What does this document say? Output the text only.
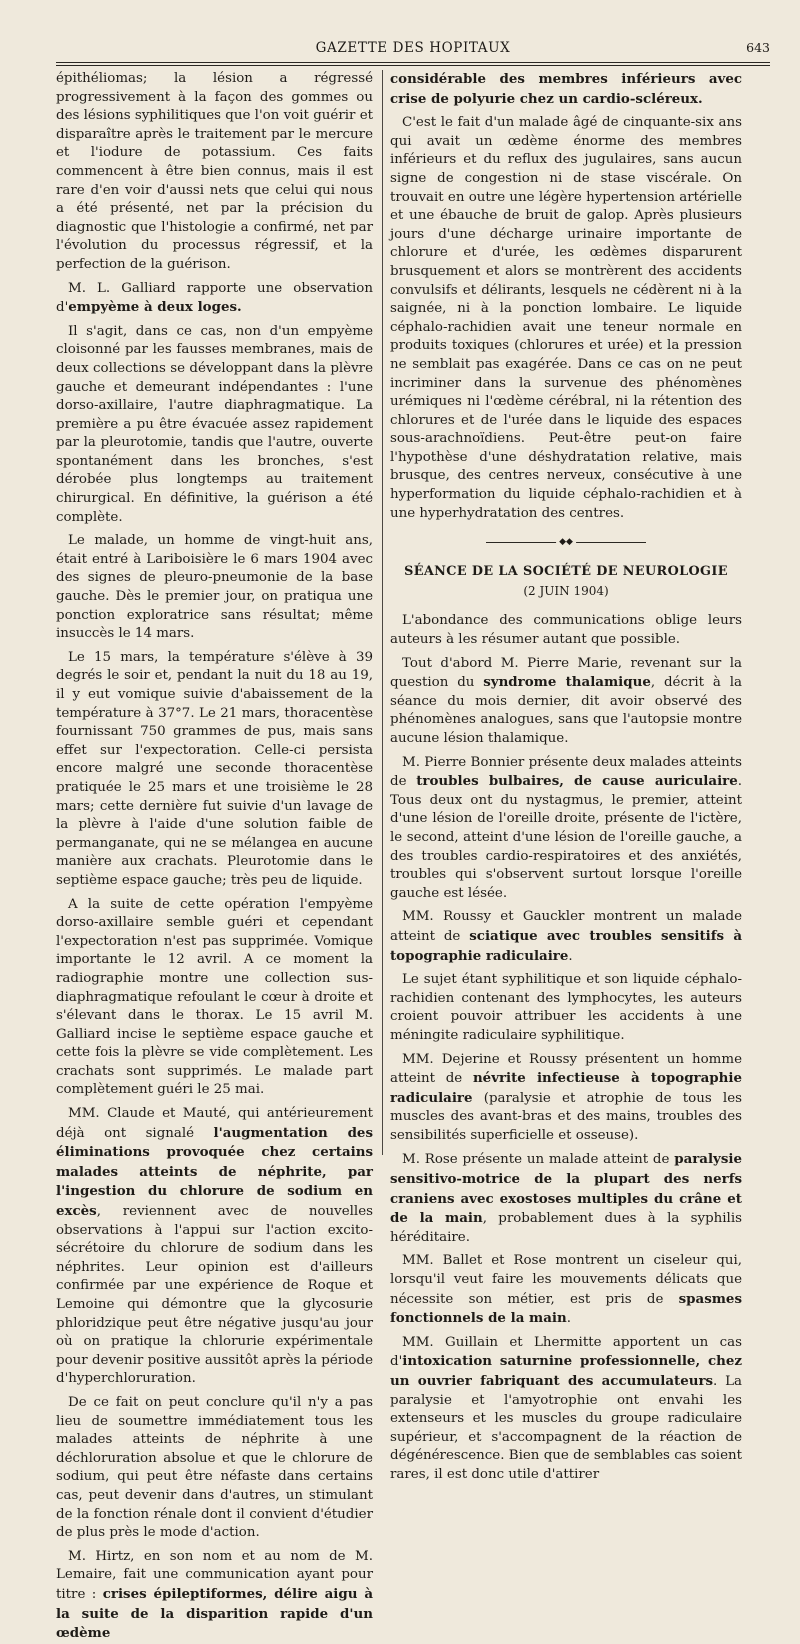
GAZETTE DES HOPITAUX	643

épithéliomas; la lésion a régressé progressivement à la façon des gommes ou des lésions syphilitiques que l'on voit guérir et disparaître après le traitement par le mercure et l'iodure de potassium. Ces faits commencent à être bien connus, mais il est rare d'en voir d'aussi nets que celui qui nous a été présenté, net par la précision du diagnostic que l'histologie a confirmé, net par l'évolution du processus régressif, et la perfection de la guérison.

M. L. Galliard rapporte une observation d'empyème à deux loges.

Il s'agit, dans ce cas, non d'un empyème cloisonné par les fausses membranes, mais de deux collections se développant dans la plèvre gauche et demeurant indépendantes : l'une dorso-axillaire, l'autre diaphragmatique. La première a pu être évacuée assez rapidement par la pleurotomie, tandis que l'autre, ouverte spontanément dans les bronches, s'est dérobée plus longtemps au traitement chirurgical. En définitive, la guérison a été complète.

Le malade, un homme de vingt-huit ans, était entré à Lariboisière le 6 mars 1904 avec des signes de pleuro-pneumonie de la base gauche. Dès le premier jour, on pratiqua une ponction exploratrice sans résultat; même insuccès le 14 mars.

Le 15 mars, la température s'élève à 39 degrés le soir et, pendant la nuit du 18 au 19, il y eut vomique suivie d'abaissement de la température à 37°7. Le 21 mars, thoracentèse fournissant 750 grammes de pus, mais sans effet sur l'expectoration. Celle-ci persista encore malgré une seconde thoracentèse pratiquée le 25 mars et une troisième le 28 mars; cette dernière fut suivie d'un lavage de la plèvre à l'aide d'une solution faible de permanganate, qui ne se mélangea en aucune manière aux crachats. Pleurotomie dans le septième espace gauche; très peu de liquide.

A la suite de cette opération l'empyème dorso-axillaire semble guéri et cependant l'expectoration n'est pas supprimée. Vomique importante le 12 avril. A ce moment la radiographie montre une collection sus-diaphragmatique refoulant le cœur à droite et s'élevant dans le thorax. Le 15 avril M. Galliard incise le septième espace gauche et cette fois la plèvre se vide complètement. Les crachats sont supprimés. Le malade part complètement guéri le 25 mai.

MM. Claude et Mauté, qui antérieurement déjà ont signalé l'augmentation des éliminations provoquée chez certains malades atteints de néphrite, par l'ingestion du chlorure de sodium en excès, reviennent avec de nouvelles observations à l'appui sur l'action excito-sécrétoire du chlorure de sodium dans les néphrites. Leur opinion est d'ailleurs confirmée par une expérience de Roque et Lemoine qui démontre que la glycosurie phloridzique peut être négative jusqu'au jour où on pratique la chlorurie expérimentale pour devenir positive aussitôt après la période d'hyperchloruration.

De ce fait on peut conclure qu'il n'y a pas lieu de soumettre immédiatement tous les malades atteints de néphrite à une déchloruration absolue et que le chlorure de sodium, qui peut être néfaste dans certains cas, peut devenir dans d'autres, un stimulant de la fonction rénale dont il convient d'étudier de plus près le mode d'action.

M. Hirtz, en son nom et au nom de M. Lemaire, fait une communication ayant pour titre : crises épileptiformes, délire aigu à la suite de la disparition rapide d'un œdème

considérable des membres inférieurs avec crise de polyurie chez un cardio-scléreux.

C'est le fait d'un malade âgé de cinquante-six ans qui avait un œdème énorme des membres inférieurs et du reflux des jugulaires, sans aucun signe de congestion ni de stase viscérale. On trouvait en outre une légère hypertension artérielle et une ébauche de bruit de galop. Après plusieurs jours d'une décharge urinaire importante de chlorure et d'urée, les œdèmes disparurent brusquement et alors se montrèrent des accidents convulsifs et délirants, lesquels ne cédèrent ni à la saignée, ni à la ponction lombaire. Le liquide céphalo-rachidien avait une teneur normale en produits toxiques (chlorures et urée) et la pression ne semblait pas exagérée. Dans ce cas on ne peut incriminer dans la survenue des phénomènes urémiques ni l'œdème cérébral, ni la rétention des chlorures et de l'urée dans le liquide des espaces sous-arachnoïdiens. Peut-être peut-on faire l'hypothèse d'une déshydratation relative, mais brusque, des centres nerveux, consécutive à une hyperformation du liquide céphalo-rachidien et à une hyperhydratation des centres.

◆◆
SÉANCE DE LA SOCIÉTÉ DE NEUROLOGIE
(2 JUIN 1904)

L'abondance des communications oblige leurs auteurs à les résumer autant que possible.

Tout d'abord M. Pierre Marie, revenant sur la question du syndrome thalamique, décrit à la séance du mois dernier, dit avoir observé des phénomènes analogues, sans que l'autopsie montre aucune lésion thalamique.

M. Pierre Bonnier présente deux malades atteints de troubles bulbaires, de cause auriculaire. Tous deux ont du nystagmus, le premier, atteint d'une lésion de l'oreille droite, présente de l'ictère, le second, atteint d'une lésion de l'oreille gauche, a des troubles cardio-respiratoires et des anxiétés, troubles qui s'observent surtout lorsque l'oreille gauche est lésée.

MM. Roussy et Gauckler montrent un malade atteint de sciatique avec troubles sensitifs à topographie radiculaire.

Le sujet étant syphilitique et son liquide céphalo-rachidien contenant des lymphocytes, les auteurs croient pouvoir attribuer les accidents à une méningite radiculaire syphilitique.

MM. Dejerine et Roussy présentent un homme atteint de névrite infectieuse à topographie radiculaire (paralysie et atrophie de tous les muscles des avant-bras et des mains, troubles des sensibilités superficielle et osseuse).

M. Rose présente un malade atteint de paralysie sensitivo-motrice de la plupart des nerfs craniens avec exostoses multiples du crâne et de la main, probablement dues à la syphilis héréditaire.

MM. Ballet et Rose montrent un ciseleur qui, lorsqu'il veut faire les mouvements délicats que nécessite son métier, est pris de spasmes fonctionnels de la main.

MM. Guillain et Lhermitte apportent un cas d'intoxication saturnine professionnelle, chez un ouvrier fabriquant des accumulateurs. La paralysie et l'amyotrophie ont envahi les extenseurs et les muscles du groupe radiculaire supérieur, et s'accompagnent de la réaction de dégénérescence. Bien que de semblables cas soient rares, il est donc utile d'attirer
